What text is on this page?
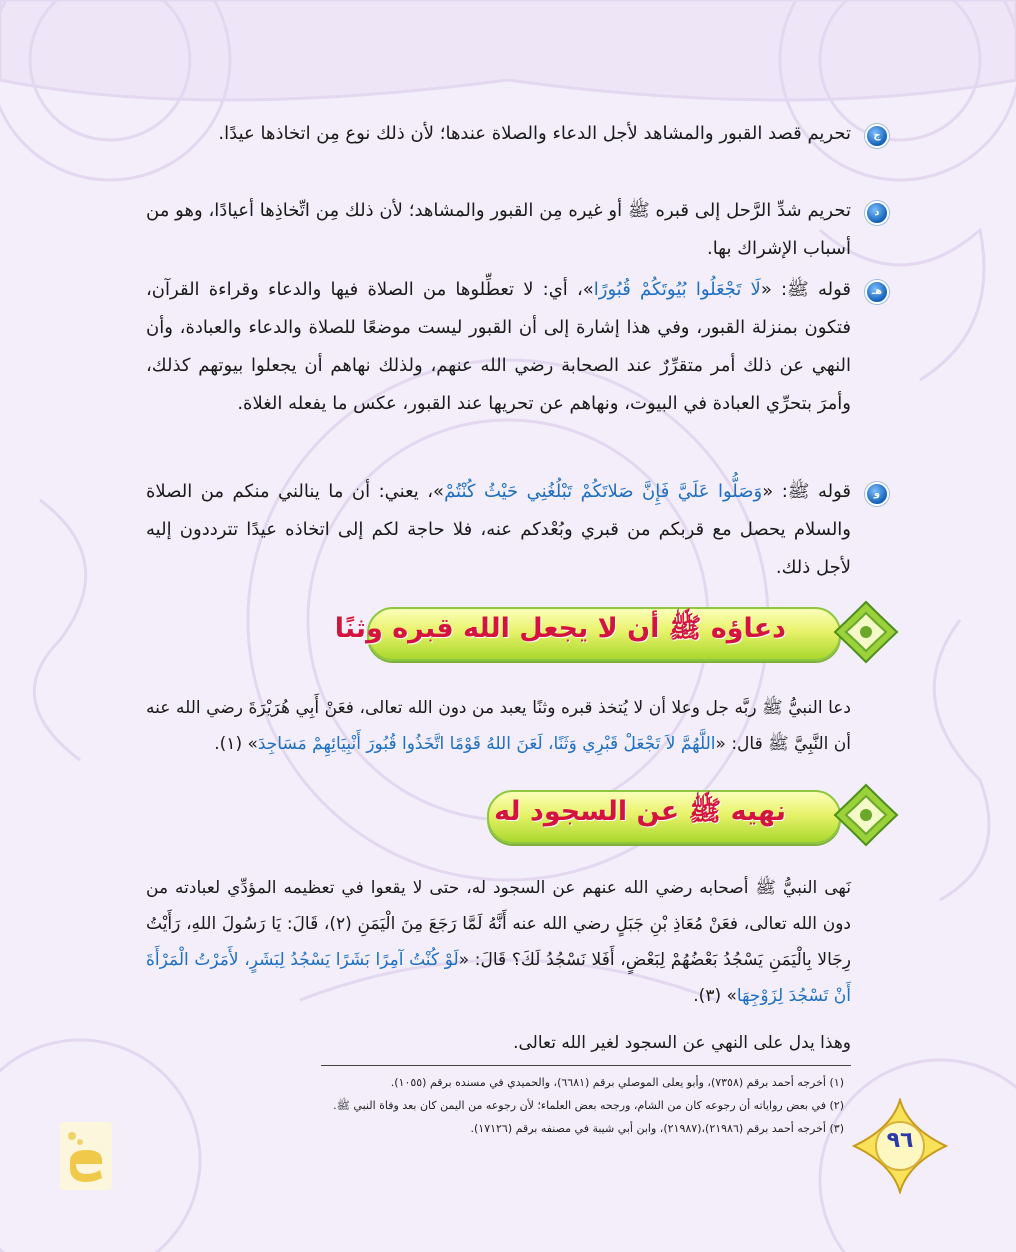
ج
تحريم قصد القبور والمشاهد لأجل الدعاء والصلاة عندها؛ لأن ذلك نوع مِن اتخاذها عيدًا.
د
تحريم شدِّ الرَّحل إلى قبره ﷺ أو غيره مِن القبور والمشاهد؛ لأن ذلك مِن اتِّخاذِها أعيادًا، وهو من أسباب الإشراك بها.
هـ
قوله ﷺ: «لَا تَجْعَلُوا بُيُوتَكُمْ قُبُورًا»، أي: لا تعطِّلوها من الصلاة فيها والدعاء وقراءة القرآن، فتكون بمنزلة القبور، وفي هذا إشارة إلى أن القبور ليست موضعًا للصلاة والدعاء والعبادة، وأن النهي عن ذلك أمر متقرِّرٌ عند الصحابة رضي الله عنهم، ولذلك نهاهم أن يجعلوا بيوتهم كذلك، وأمرَ بتحرِّي العبادة في البيوت، ونهاهم عن تحريها عند القبور، عكس ما يفعله الغلاة.
و
قوله ﷺ: «وَصَلُّوا عَلَيَّ فَإِنَّ صَلاتَكُمْ تَبْلُغُنِي حَيْثُ كُنْتُمْ»، يعني: أن ما ينالني منكم من الصلاة والسلام يحصل مع قربكم من قبري وبُعْدكم عنه، فلا حاجة لكم إلى اتخاذه عيدًا تترددون إليه لأجل ذلك.
دعاؤه ﷺ أن لا يجعل الله قبره وثنًا
دعا النبيُّ ﷺ ربَّه جل وعلا أن لا يُتخذ قبره وثنًا يعبد من دون الله تعالى، فعَنْ أَبِي هُرَيْرَةَ رضي الله عنه أن النَّبِيَّ ﷺ قال: «اللَّهُمَّ لاَ تَجْعَلْ قَبْرِي وَثَنًا، لَعَنَ اللهُ قَوْمًا اتَّخَذُوا قُبُورَ أَنْبِيَائِهِمْ مَسَاجِدَ» (١).
نهيه ﷺ عن السجود له
نَهى النبيُّ ﷺ أصحابه رضي الله عنهم عن السجود له، حتى لا يقعوا في تعظيمه المؤدِّي لعبادته من دون الله تعالى، فعَنْ مُعَاذِ بْنِ جَبَلٍ رضي الله عنه أَنَّهُ لَمَّا رَجَعَ مِنَ الْيَمَنِ (٢)، قَالَ: يَا رَسُولَ اللهِ، رَأَيْتُ رِجَالا بِالْيَمَنِ يَسْجُدُ بَعْضُهُمْ لِبَعْضٍ، أَفَلا نَسْجُدُ لَكَ؟ قَالَ: «لَوْ كُنْتُ آمِرًا بَشَرًا يَسْجُدُ لِبَشَرٍ، لأَمَرْتُ الْمَرْأَةَ أَنْ تَسْجُدَ لِزَوْجِهَا» (٣).
وهذا يدل على النهي عن السجود لغير الله تعالى.
(١) أخرجه أحمد برقم (٧٣٥٨)، وأبو يعلى الموصلي برقم (٦٦٨١)، والحميدي في مسنده برقم (١٠٥٥).
(٢) في بعض رواياته أن رجوعه كان من الشام، ورجحه بعض العلماء؛ لأن رجوعه من اليمن كان بعد وفاة النبي ﷺ.
(٣) أخرجه أحمد برقم (٢١٩٨٦)،(٢١٩٨٧)، وابن أبي شيبة في مصنفه برقم (١٧١٢٦).	٩٦
